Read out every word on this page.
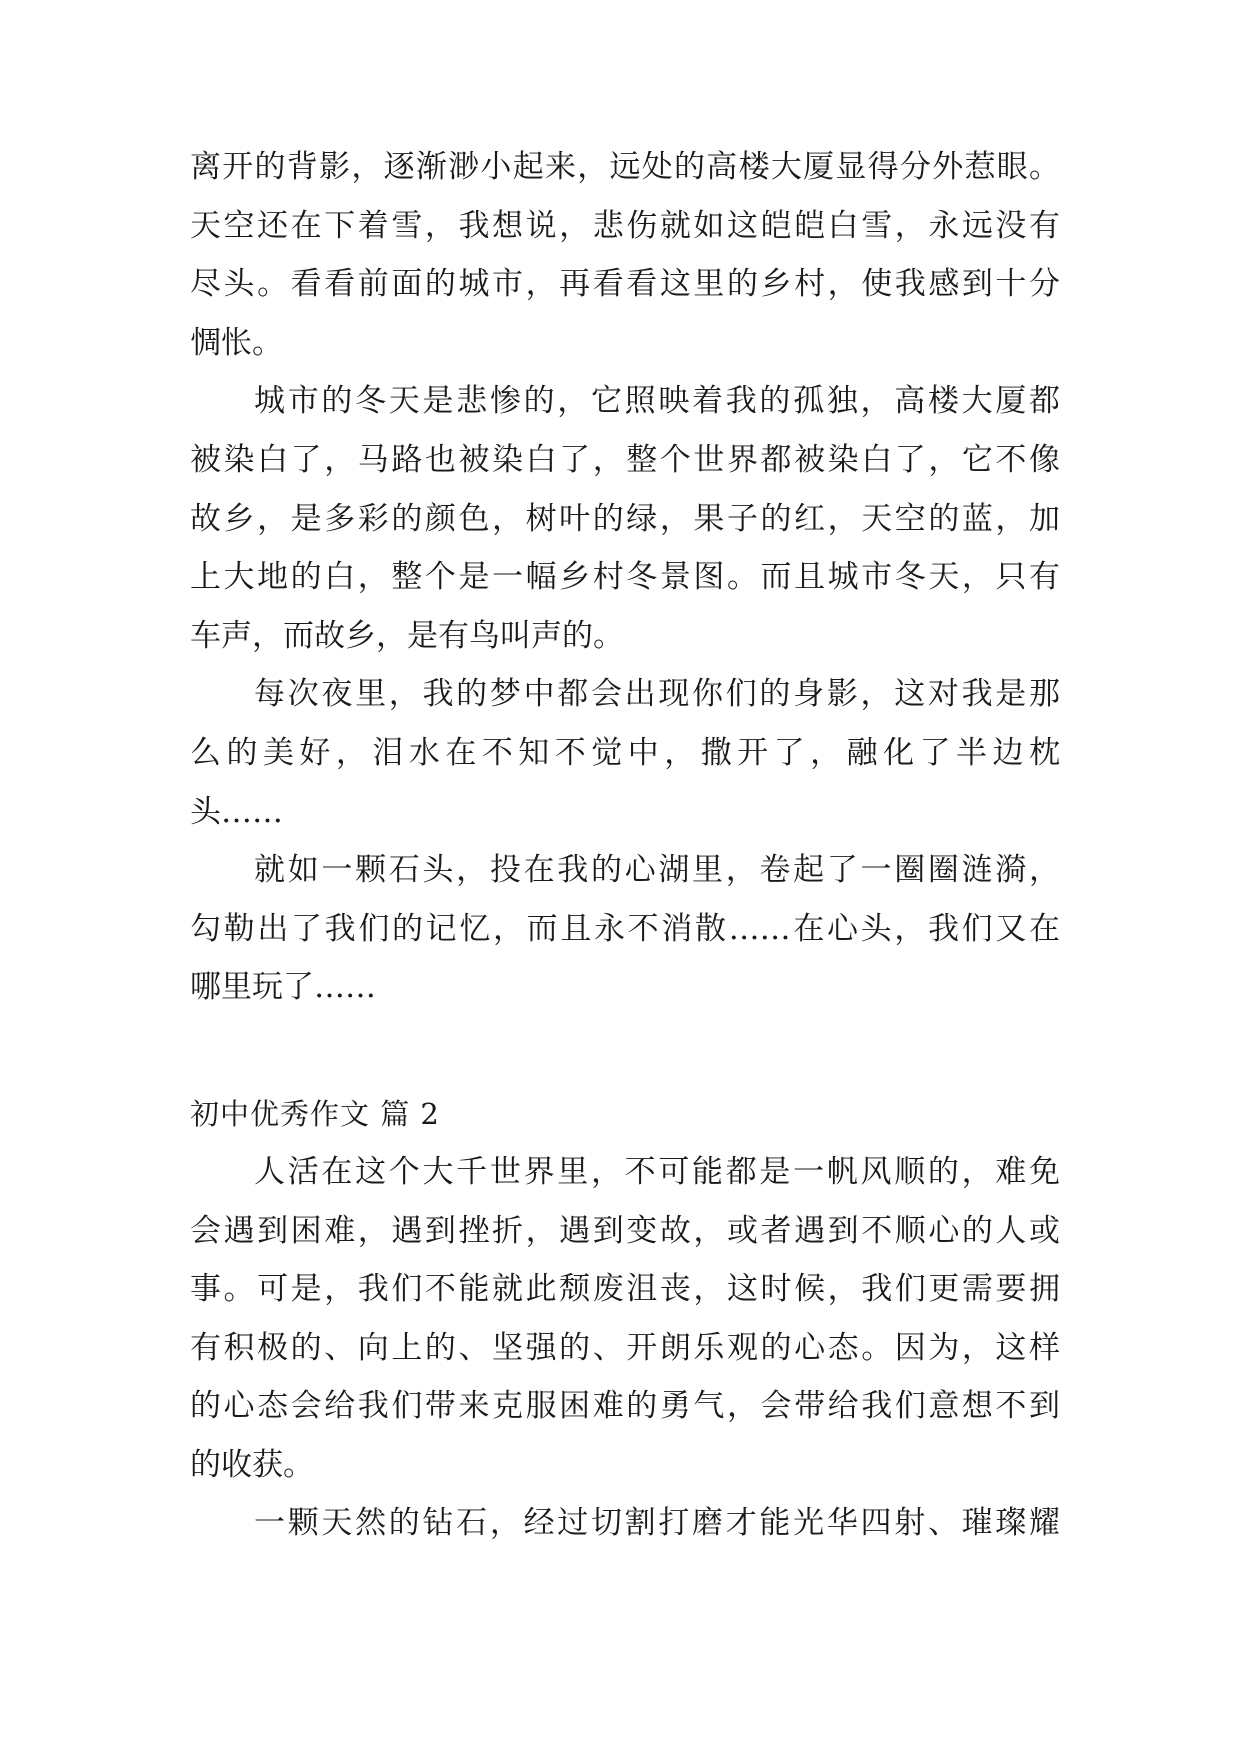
离开的背影，逐渐渺小起来，远处的高楼大厦显得分外惹眼。
天空还在下着雪，我想说，悲伤就如这皑皑白雪，永远没有
尽头。看看前面的城市，再看看这里的乡村，使我感到十分
惆怅。
城市的冬天是悲惨的，它照映着我的孤独，高楼大厦都
被染白了，马路也被染白了，整个世界都被染白了，它不像
故乡，是多彩的颜色，树叶的绿，果子的红，天空的蓝，加
上大地的白，整个是一幅乡村冬景图。而且城市冬天，只有
车声，而故乡，是有鸟叫声的。
每次夜里，我的梦中都会出现你们的身影，这对我是那
么的美好，泪水在不知不觉中，撒开了，融化了半边枕
头……
就如一颗石头，投在我的心湖里，卷起了一圈圈涟漪，
勾勒出了我们的记忆，而且永不消散……在心头，我们又在
哪里玩了……
初中优秀作文 篇 2
人活在这个大千世界里，不可能都是一帆风顺的，难免
会遇到困难，遇到挫折，遇到变故，或者遇到不顺心的人或
事。可是，我们不能就此颓废沮丧，这时候，我们更需要拥
有积极的、向上的、坚强的、开朗乐观的心态。因为，这样
的心态会给我们带来克服困难的勇气，会带给我们意想不到
的收获。
一颗天然的钻石，经过切割打磨才能光华四射、璀璨耀
